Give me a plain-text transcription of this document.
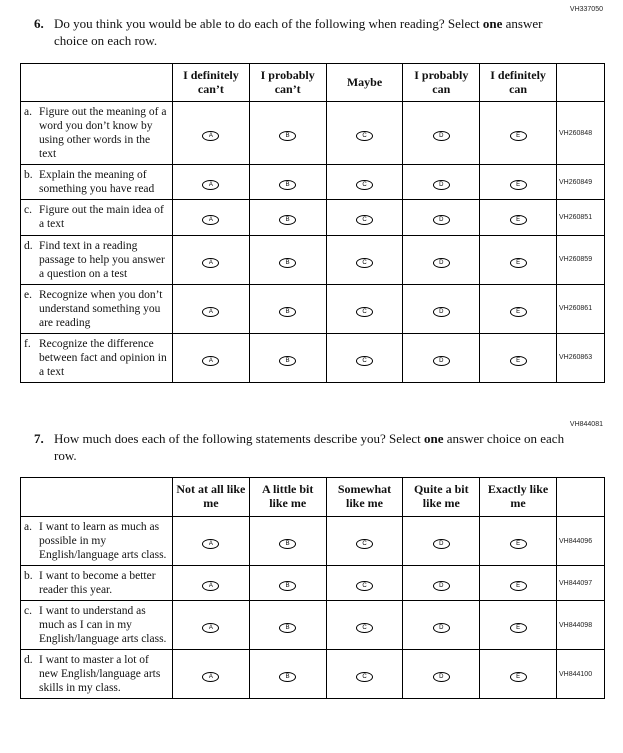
VH337050
6. Do you think you would be able to do each of the following when reading? Select one answer choice on each row.
	I definitely can’t	I probably can’t	Maybe	I probably can	I definitely can	

a. Figure out the meaning of a word you don’t know by using other words in the text	A	B	C	D	E	VH260848

b. Explain the meaning of something you have read	A	B	C	D	E	VH260849

c. Figure out the main idea of a text	A	B	C	D	E	VH260851

d. Find text in a reading passage to help you answer a question on a test	A	B	C	D	E	VH260859

e. Recognize when you don’t understand something you are reading	A	B	C	D	E	VH260861

f. Recognize the difference between fact and opinion in a text	A	B	C	D	E	VH260863
VH844081
7. How much does each of the following statements describe you? Select one answer choice on each row.
	Not at all like me	A little bit like me	Somewhat like me	Quite a bit like me	Exactly like me	

a. I want to learn as much as possible in my English/language arts class.	A	B	C	D	E	VH844096

b. I want to become a better reader this year.	A	B	C	D	E	VH844097

c. I want to understand as much as I can in my English/language arts class.	A	B	C	D	E	VH844098

d. I want to master a lot of new English/language arts skills in my class.	A	B	C	D	E	VH844100
